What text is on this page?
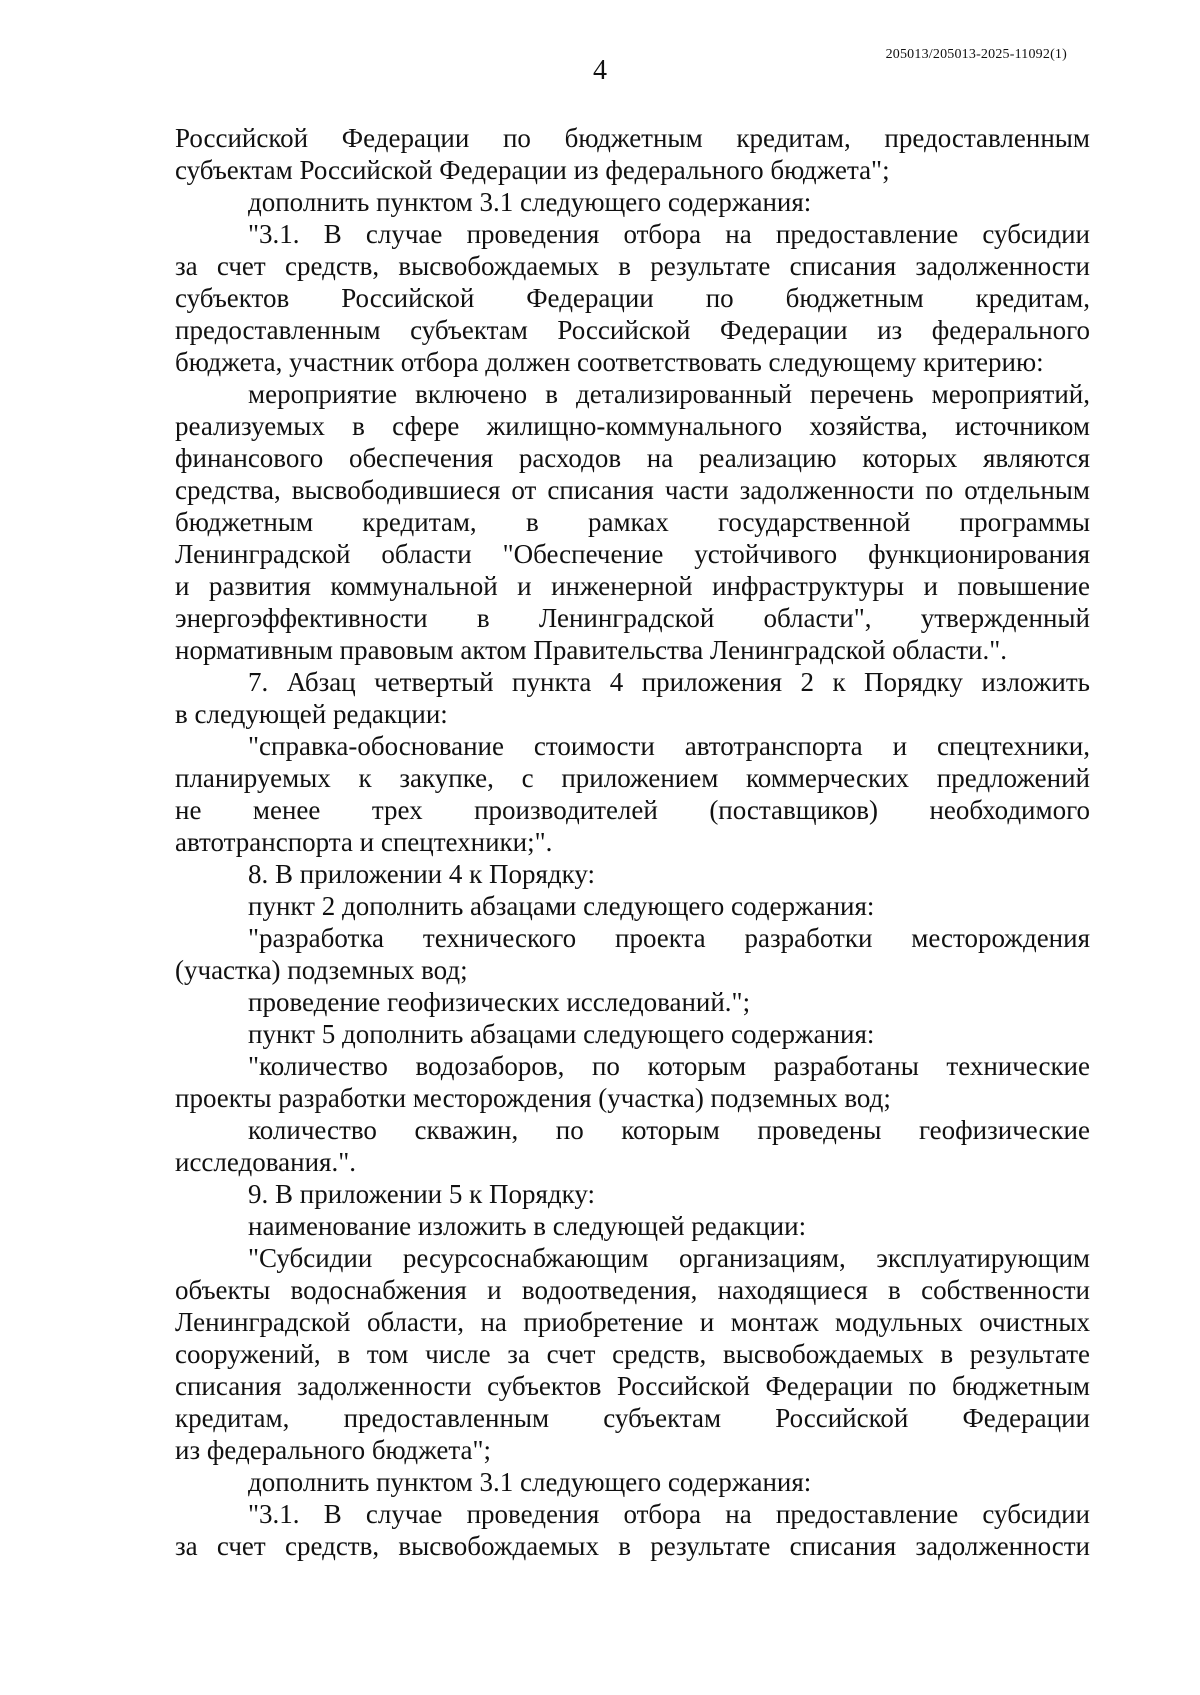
205013/205013-2025-11092(1)
4
Российской Федерации по бюджетным кредитам, предоставленным
субъектам Российской Федерации из федерального бюджета";
дополнить пунктом 3.1 следующего содержания:
"3.1. В случае проведения отбора на предоставление субсидии
за счет средств, высвобождаемых в результате списания задолженности
субъектов Российской Федерации по бюджетным кредитам,
предоставленным субъектам Российской Федерации из федерального
бюджета, участник отбора должен соответствовать следующему критерию:
мероприятие включено в детализированный перечень мероприятий,
реализуемых в сфере жилищно-коммунального хозяйства, источником
финансового обеспечения расходов на реализацию которых являются
средства, высвободившиеся от списания части задолженности по отдельным
бюджетным кредитам, в рамках государственной программы
Ленинградской области "Обеспечение устойчивого функционирования
и развития коммунальной и инженерной инфраструктуры и повышение
энергоэффективности в Ленинградской области", утвержденный
нормативным правовым актом Правительства Ленинградской области.".
7. Абзац четвертый пункта 4 приложения 2 к Порядку изложить
в следующей редакции:
"справка-обоснование стоимости автотранспорта и спецтехники,
планируемых к закупке, с приложением коммерческих предложений
не менее трех производителей (поставщиков) необходимого
автотранспорта и спецтехники;".
8. В приложении 4 к Порядку:
пункт 2 дополнить абзацами следующего содержания:
"разработка технического проекта разработки месторождения
(участка) подземных вод;
проведение геофизических исследований.";
пункт 5 дополнить абзацами следующего содержания:
"количество водозаборов, по которым разработаны технические
проекты разработки месторождения (участка) подземных вод;
количество скважин, по которым проведены геофизические
исследования.".
9. В приложении 5 к Порядку:
наименование изложить в следующей редакции:
"Субсидии ресурсоснабжающим организациям, эксплуатирующим
объекты водоснабжения и водоотведения, находящиеся в собственности
Ленинградской области, на приобретение и монтаж модульных очистных
сооружений, в том числе за счет средств, высвобождаемых в результате
списания задолженности субъектов Российской Федерации по бюджетным
кредитам, предоставленным субъектам Российской Федерации
из федерального бюджета";
дополнить пунктом 3.1 следующего содержания:
"3.1. В случае проведения отбора на предоставление субсидии
за счет средств, высвобождаемых в результате списания задолженности
